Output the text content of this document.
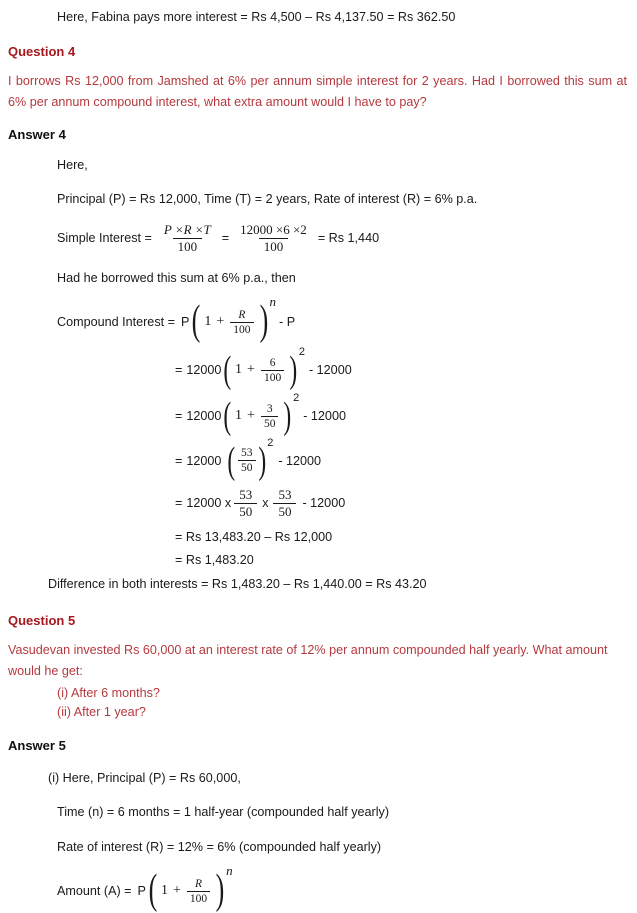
Here, Fabina pays more interest = Rs 4,500 – Rs 4,137.50 = Rs 362.50
Question 4
I borrows Rs 12,000 from Jamshed at 6% per annum simple interest for 2 years. Had I borrowed this sum at 6% per annum compound interest, what extra amount would I have to pay?
Answer 4
Here,
Principal (P) = Rs 12,000, Time (T) = 2 years, Rate of interest (R) = 6% p.a.
Simple Interest = $\frac{P \times R \times T}{100} = \frac{12000 \times 6 \times 2}{100} = Rs$ 1,440
Had he borrowed this sum at 6% p.a., then
Compound Interest = P ( $1 + \frac{R}{100}$ ) n
- P
= 12000 ( $1 + \frac{6}{100}$ ) 2
- 12000
= 12000 ( $1 + \frac{3}{50}$ ) 2
- 12000
= 12000 ( $\frac{53}{50}$ ) 2
- 12000
= 12000 x $\frac{53}{50}$ x $\frac{53}{50} - 12000$
= Rs 13,483.20 – Rs 12,000
= Rs 1,483.20
Difference in both interests = Rs 1,483.20 – Rs 1,440.00 = Rs 43.20
Question 5
Vasudevan invested Rs 60,000 at an interest rate of 12% per annum compounded half yearly. What amount would he get:
(i) After 6 months?
(ii) After 1 year?
Answer 5
(i) Here, Principal (P) = Rs 60,000,
Time (n) = 6 months = 1 half-year (compounded half yearly)
Rate of interest (R) = 12% = 6% (compounded half yearly)
Amount (A) = P ( $1 + \frac{R}{100}$ ) n
